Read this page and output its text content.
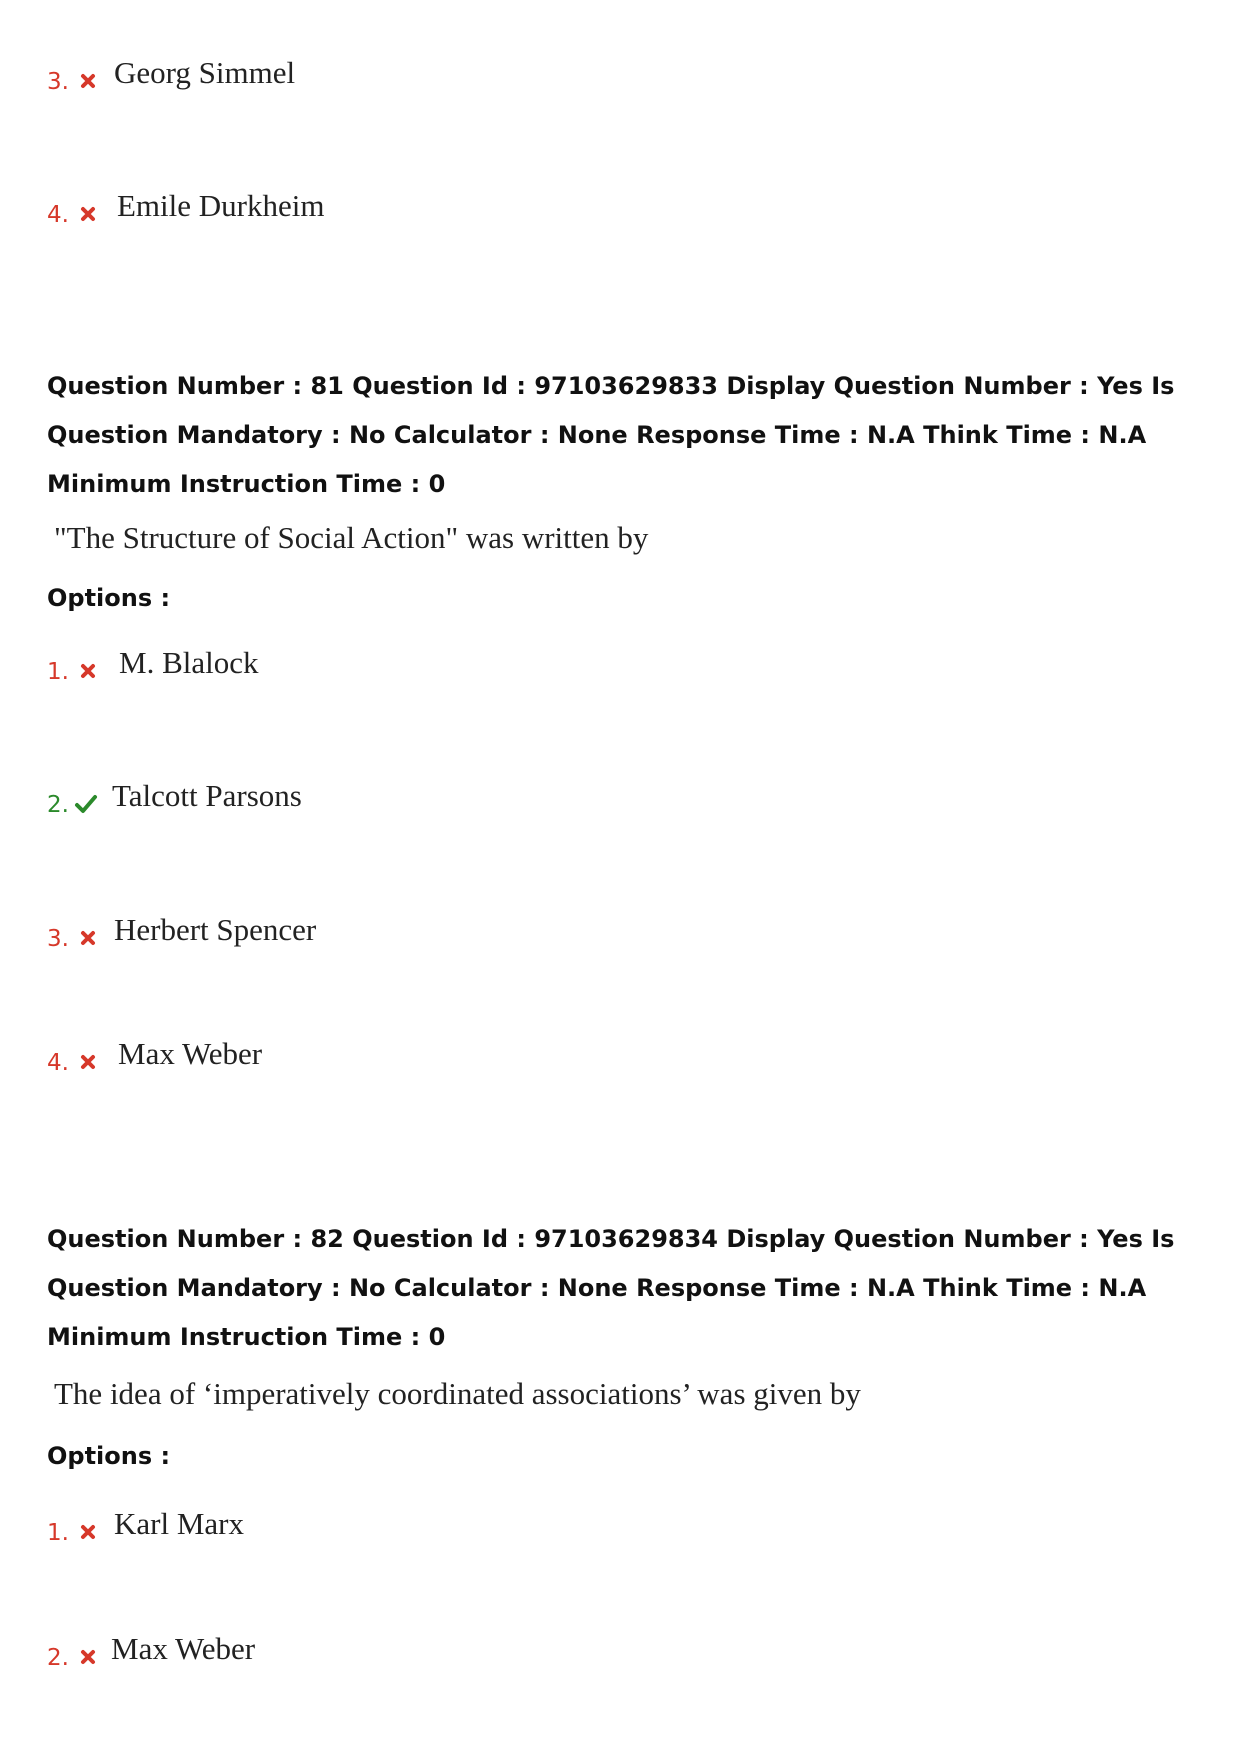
3. Georg Simmel
4. Emile Durkheim

Question Number : 81 Question Id : 97103629833 Display Question Number : Yes Is Question Mandatory : No Calculator : None Response Time : N.A Think Time : N.A Minimum Instruction Time : 0

"The Structure of Social Action" was written by
Options :
1. M. Blalock
2. Talcott Parsons
3. Herbert Spencer
4. Max Weber

Question Number : 82 Question Id : 97103629834 Display Question Number : Yes Is Question Mandatory : No Calculator : None Response Time : N.A Think Time : N.A Minimum Instruction Time : 0

The idea of ‘imperatively coordinated associations’ was given by
Options :
1. Karl Marx
2. Max Weber
